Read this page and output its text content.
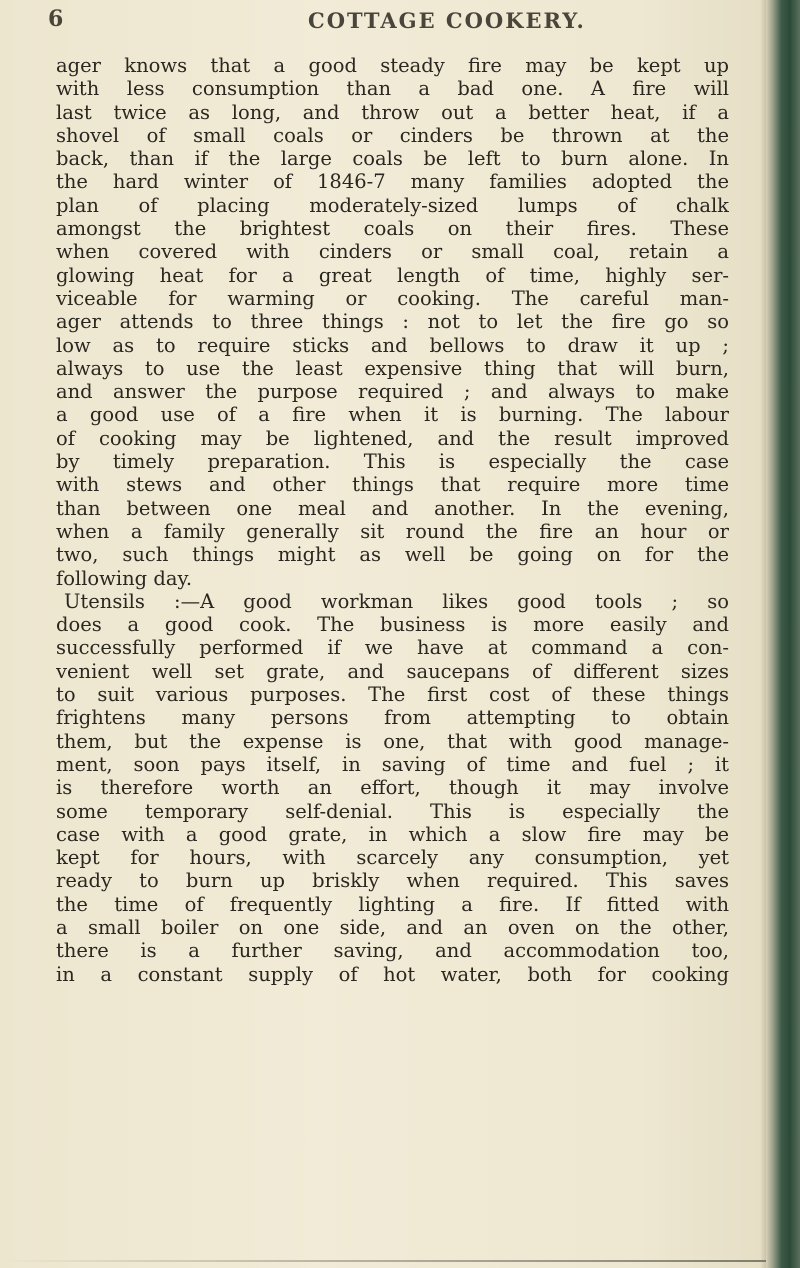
6	COTTAGE COOKERY.
ager knows that a good steady fire may be kept up
with less consumption than a bad one. A fire will
last twice as long, and throw out a better heat, if a
shovel of small coals or cinders be thrown at the
back, than if the large coals be left to burn alone. In
the hard winter of 1846-7 many families adopted the
plan of placing moderately-sized lumps of chalk
amongst the brightest coals on their fires. These
when covered with cinders or small coal, retain a
glowing heat for a great length of time, highly ser-
viceable for warming or cooking. The careful man-
ager attends to three things : not to let the fire go so
low as to require sticks and bellows to draw it up ;
always to use the least expensive thing that will burn,
and answer the purpose required ; and always to make
a good use of a fire when it is burning. The labour
of cooking may be lightened, and the result improved
by timely preparation. This is especially the case
with stews and other things that require more time
than between one meal and another. In the evening,
when a family generally sit round the fire an hour or
two, such things might as well be going on for the
following day.
Utensils :—A good workman likes good tools ; so
does a good cook. The business is more easily and
successfully performed if we have at command a con-
venient well set grate, and saucepans of different sizes
to suit various purposes. The first cost of these things
frightens many persons from attempting to obtain
them, but the expense is one, that with good manage-
ment, soon pays itself, in saving of time and fuel ; it
is therefore worth an effort, though it may involve
some temporary self-denial. This is especially the
case with a good grate, in which a slow fire may be
kept for hours, with scarcely any consumption, yet
ready to burn up briskly when required. This saves
the time of frequently lighting a fire. If fitted with
a small boiler on one side, and an oven on the other,
there is a further saving, and accommodation too,
in a constant supply of hot water, both for cooking
